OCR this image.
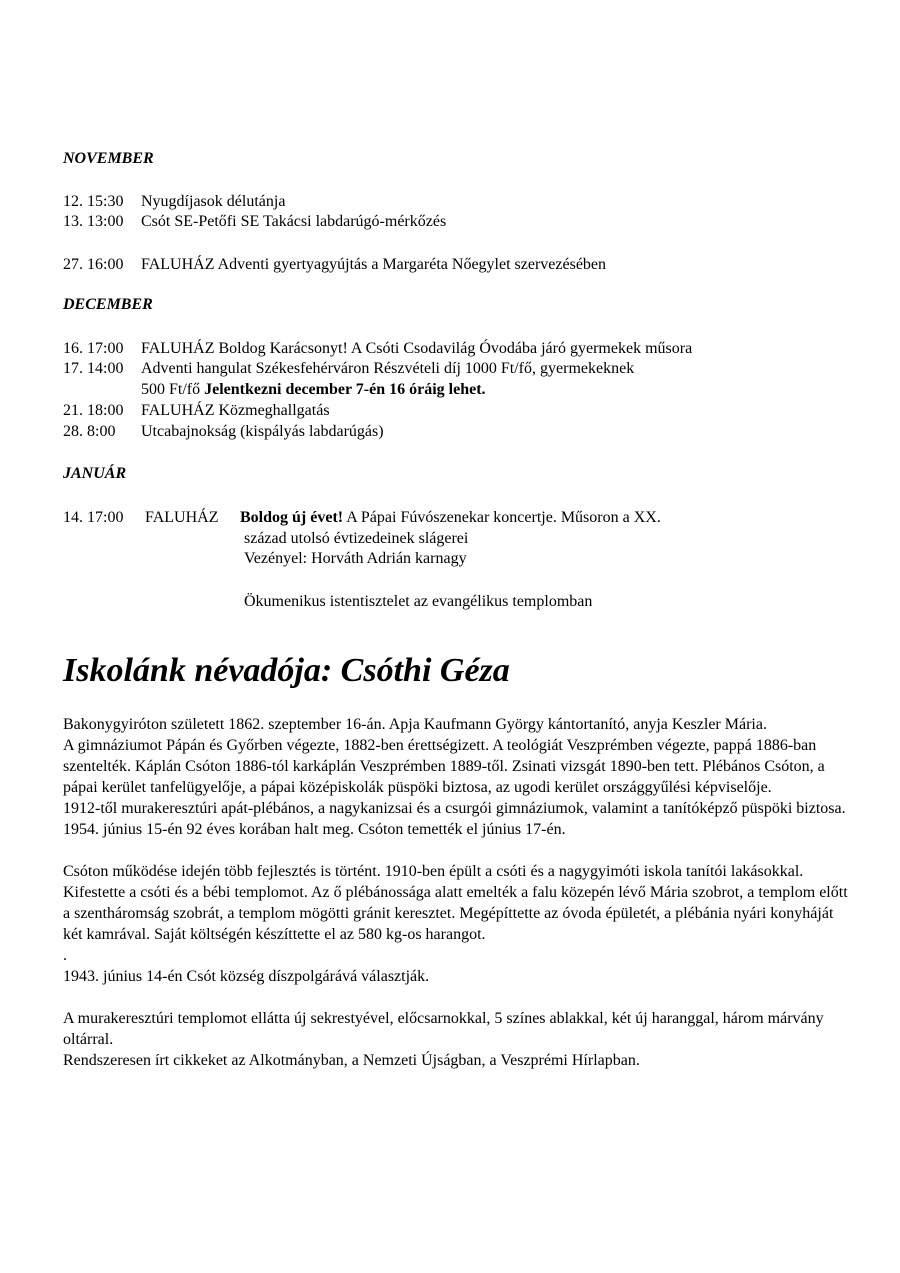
NOVEMBER
12. 15:30 Nyugdíjasok délutánja
13. 13:00 Csót SE-Petőfi SE Takácsi labdarúgó-mérkőzés
27. 16:00 FALUHÁZ Adventi gyertyagyújtás a Margaréta Nőegylet szervezésében
DECEMBER
16. 17:00 FALUHÁZ Boldog Karácsonyt! A Csóti Csodavilág Óvodába járó gyermekek műsora
17. 14:00 Adventi hangulat Székesfehérváron Részvételi díj 1000 Ft/fő, gyermekeknek
500 Ft/fő Jelentkezni december 7-én 16 óráig lehet.
21. 18:00 FALUHÁZ Közmeghallgatás
28. 8:00 Utcabajnokság (kispályás labdarúgás)
JANUÁR
14. 17:00 FALUHÁZ Boldog új évet! A Pápai Fúvószenekar koncertje. Műsoron a XX.
század utolsó évtizedeinek slágerei
Vezényel: Horváth Adrián karnagy
Ökumenikus istentisztelet az evangélikus templomban
Iskolánk névadója: Csóthi Géza

Bakonygyiróton született 1862. szeptember 16-án. Apja Kaufmann György kántortanító, anyja Keszler Mária.

A gimnáziumot Pápán és Győrben végezte, 1882-ben érettségizett. A teológiát Veszprémben végezte, pappá 1886-ban szentelték. Káplán Csóton 1886-tól karkáplán Veszprémben 1889-től. Zsinati vizsgát 1890-ben tett. Plébános Csóton, a pápai kerület tanfelügyelője, a pápai középiskolák püspöki biztosa, az ugodi kerület országgyűlési képviselője.

1912-től murakeresztúri apát-plébános, a nagykanizsai és a csurgói gimnáziumok, valamint a tanítóképző püspöki biztosa.

1954. június 15-én 92 éves korában halt meg. Csóton temették el június 17-én.

Csóton működése idején több fejlesztés is történt. 1910-ben épült a csóti és a nagygyimóti iskola tanítói lakásokkal. Kifestette a csóti és a bébi templomot. Az ő plébánossága alatt emelték a falu közepén lévő Mária szobrot, a templom előtt a szentháromság szobrát, a templom mögötti gránit keresztet. Megépíttette az óvoda épületét, a plébánia nyári konyháját két kamrával. Saját költségén készíttette el az 580 kg-os harangot.

.

1943. június 14-én Csót község díszpolgárává választják.

A murakeresztúri templomot ellátta új sekrestyével, előcsarnokkal, 5 színes ablakkal, két új haranggal, három márvány oltárral.

Rendszeresen írt cikkeket az Alkotmányban, a Nemzeti Újságban, a Veszprémi Hírlapban.
